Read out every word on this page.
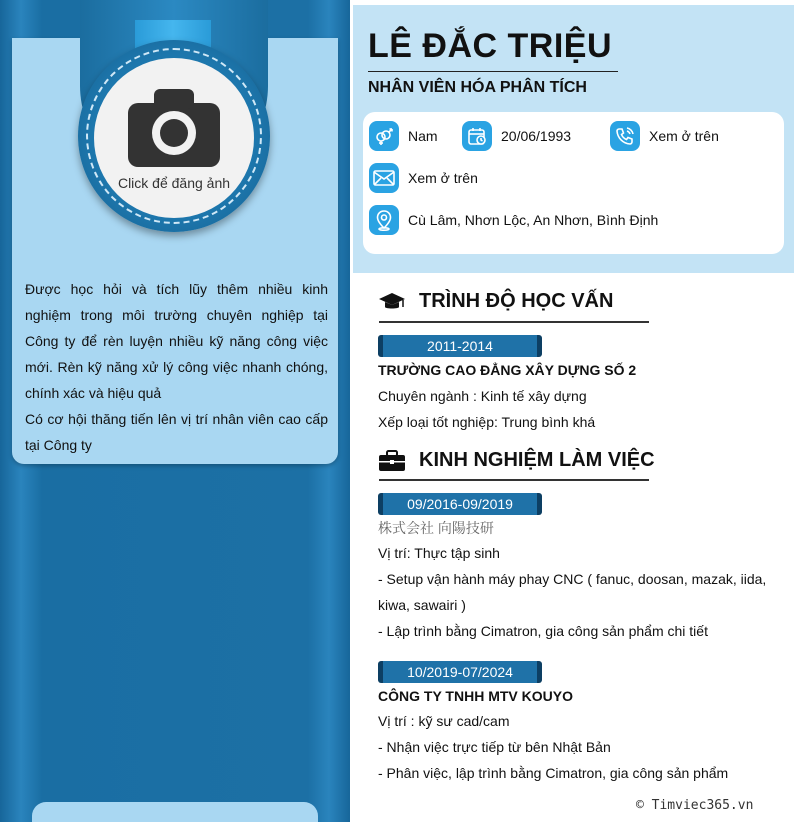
Click để đăng ảnh

Được học hỏi và tích lũy thêm nhiều kinh nghiệm trong môi trường chuyên nghiệp tại Công ty để rèn luyện nhiều kỹ năng công việc mới. Rèn kỹ năng xử lý công việc nhanh chóng, chính xác và hiệu quả

Có cơ hội thăng tiến lên vị trí nhân viên cao cấp tại Công ty

LÊ ĐẮC TRIỆU
NHÂN VIÊN HÓA PHÂN TÍCH
Nam	20/06/1993	Xem ở trên
Xem ở trên
Cù Lâm, Nhơn Lộc, An Nhơn, Bình Định
TRÌNH ĐỘ HỌC VẤN
2011-2014
TRƯỜNG CAO ĐẲNG XÂY DỰNG SỐ 2
Chuyên ngành : Kinh tế xây dựng
Xếp loại tốt nghiệp: Trung bình khá
KINH NGHIỆM LÀM VIỆC
09/2016-09/2019
株式会社 向陽技研
Vị trí: Thực tập sinh
- Setup vận hành máy phay CNC ( fanuc, doosan, mazak, iida, kiwa, sawairi )
- Lập trình bằng Cimatron, gia công sản phẩm chi tiết
10/2019-07/2024
CÔNG TY TNHH MTV KOUYO
Vị trí : kỹ sư cad/cam
- Nhận việc trực tiếp từ bên Nhật Bản
- Phân việc, lập trình bằng Cimatron, gia công sản phẩm
© Timviec365.vn
